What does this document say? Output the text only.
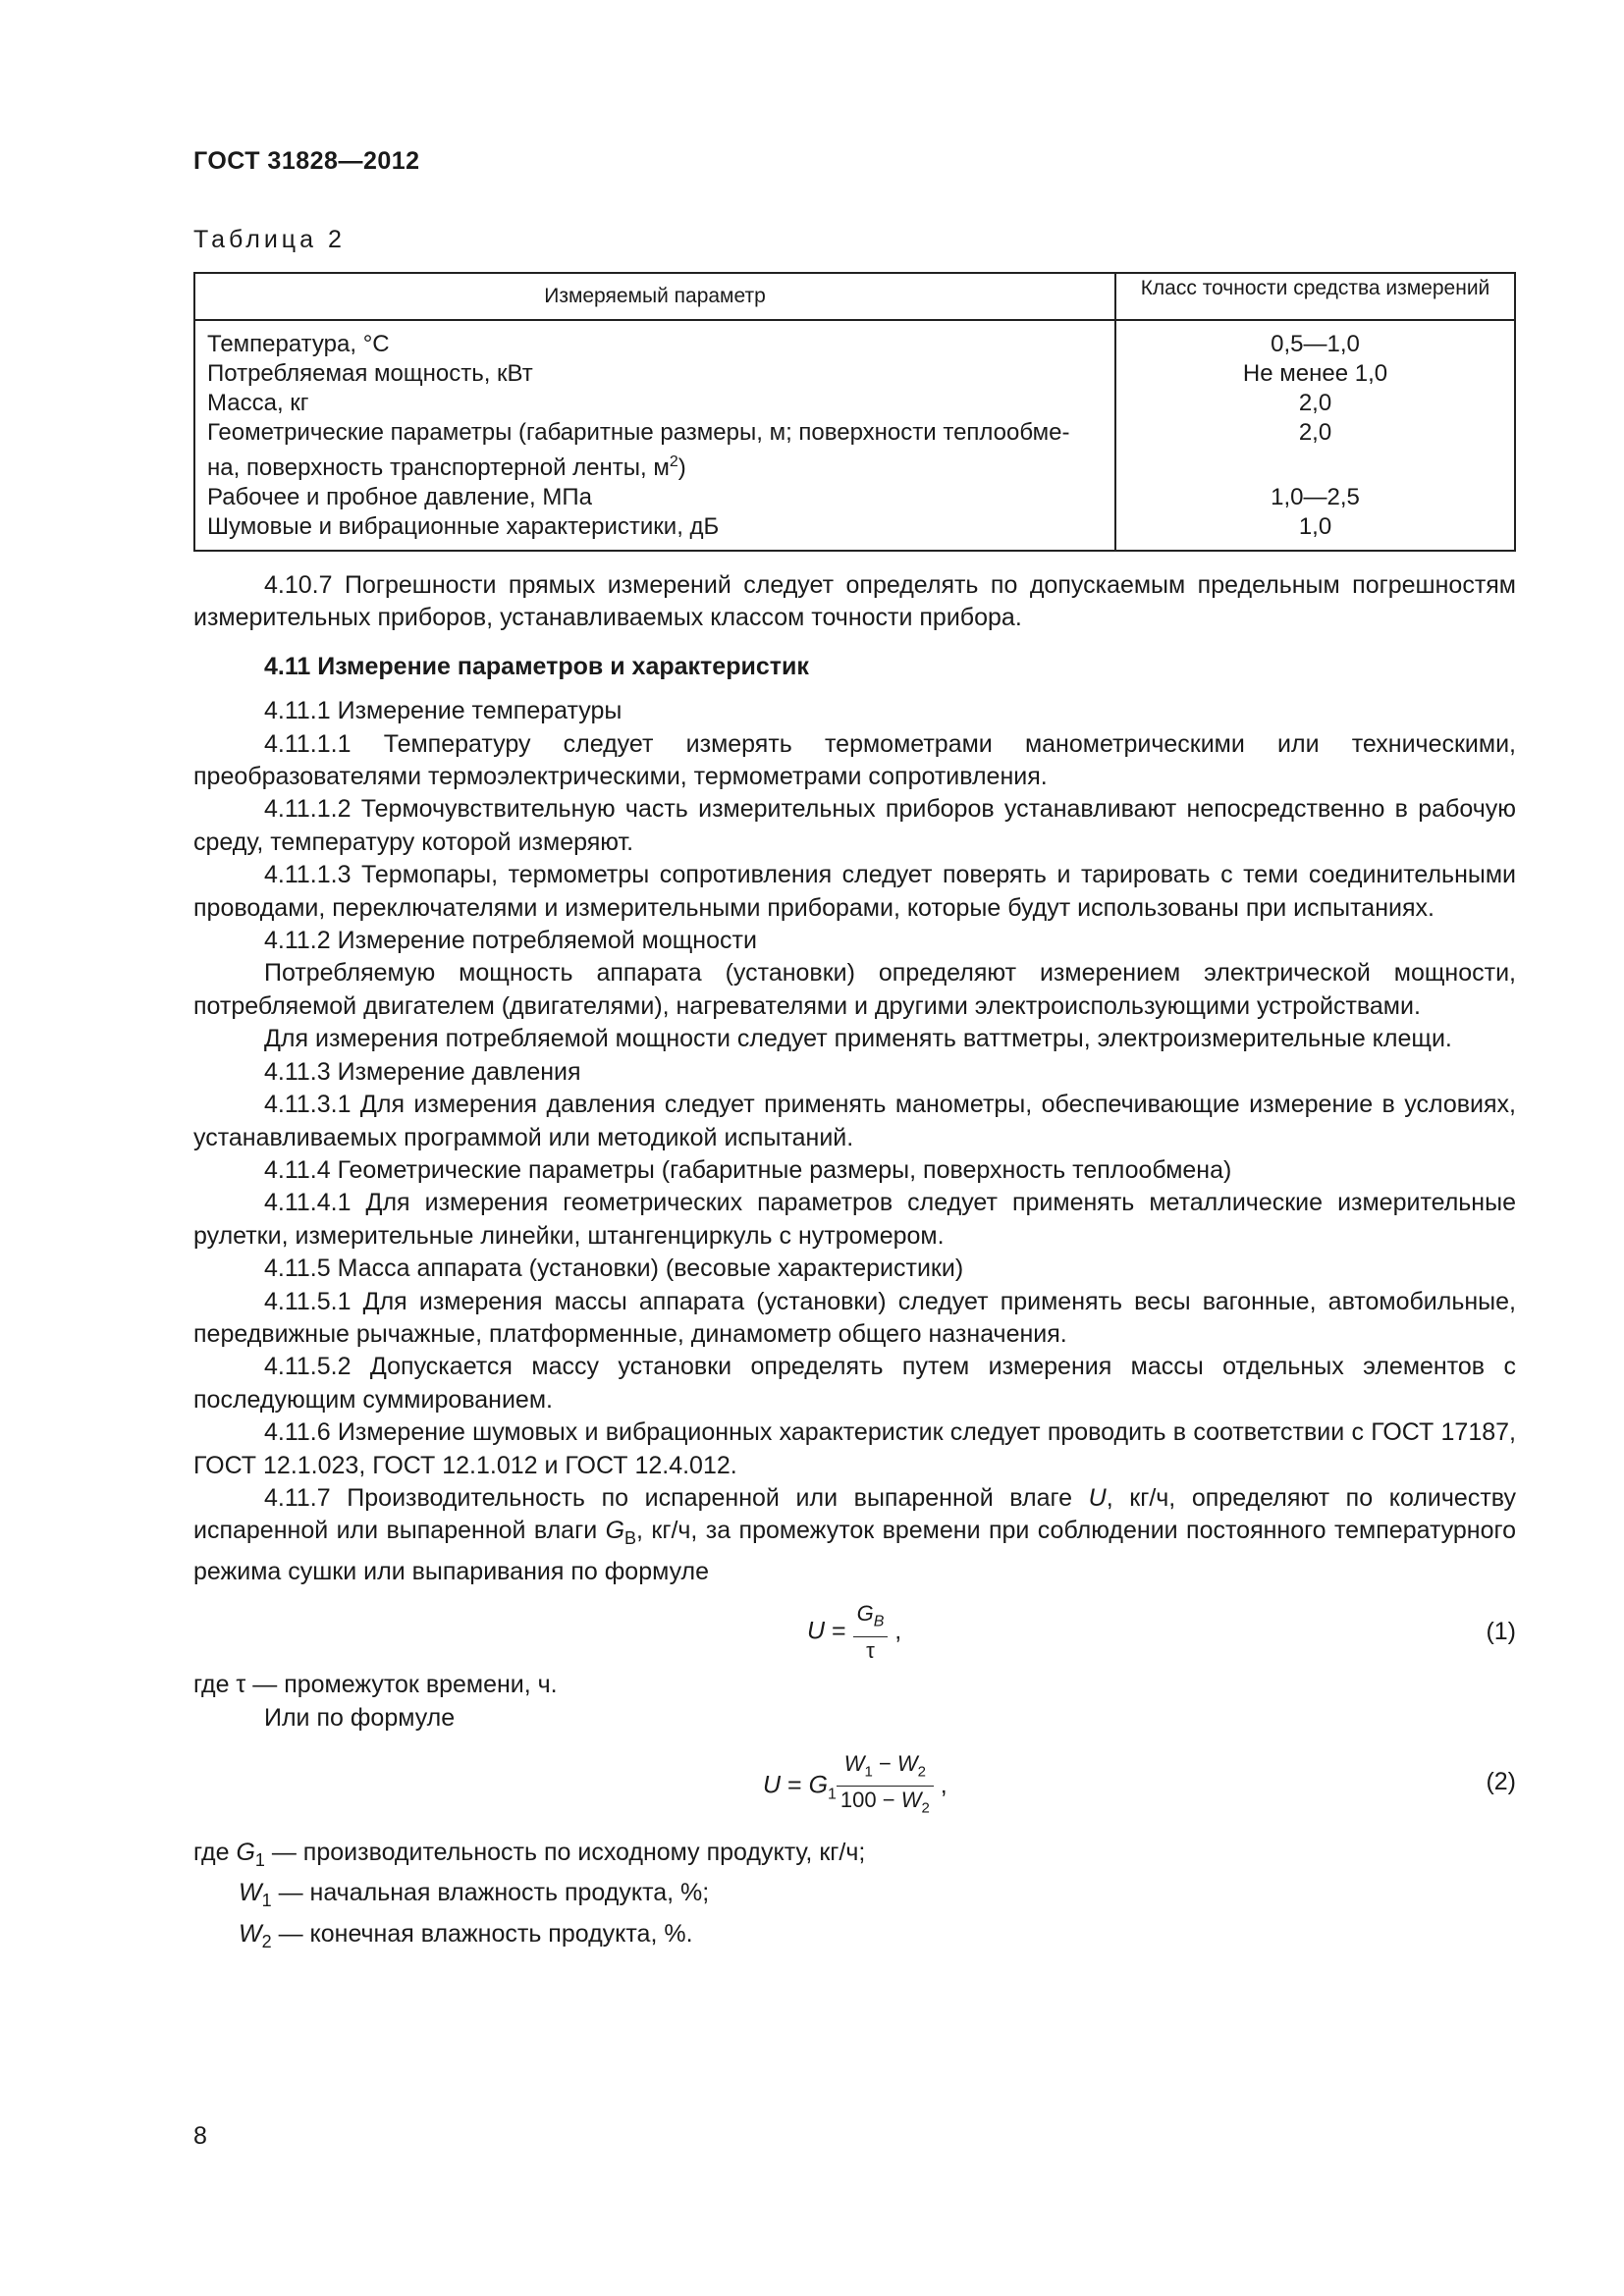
ГОСТ 31828—2012
Таблица 2
Измеряемый параметр	Класс точности средства измерений
Температура, °С	0,5—1,0
Потребляемая мощность, кВт	Не менее 1,0
Масса, кг	2,0
Геометрические параметры (габаритные размеры, м; поверхности теплообме-
на, поверхность транспортерной ленты, $м^2$)	2,0
Рабочее и пробное давление, МПа	1,0—2,5
Шумовые и вибрационные характеристики, дБ	1,0

4.10.7 Погрешности прямых измерений следует определять по допускаемым предельным погрешностям измерительных приборов, устанавливаемых классом точности прибора.

4.11 Измерение параметров и характеристик

4.11.1 Измерение температуры

4.11.1.1 Температуру следует измерять термометрами манометрическими или техническими, преобразователями термоэлектрическими, термометрами сопротивления.

4.11.1.2 Термочувствительную часть измерительных приборов устанавливают непосредственно в рабочую среду, температуру которой измеряют.

4.11.1.3 Термопары, термометры сопротивления следует поверять и тарировать с теми соединительными проводами, переключателями и измерительными приборами, которые будут использованы при испытаниях.

4.11.2 Измерение потребляемой мощности

Потребляемую мощность аппарата (установки) определяют измерением электрической мощности, потребляемой двигателем (двигателями), нагревателями и другими электроиспользующими устройствами.

Для измерения потребляемой мощности следует применять ваттметры, электроизмерительные клещи.

4.11.3 Измерение давления

4.11.3.1 Для измерения давления следует применять манометры, обеспечивающие измерение в условиях, устанавливаемых программой или методикой испытаний.

4.11.4 Геометрические параметры (габаритные размеры, поверхность теплообмена)

4.11.4.1 Для измерения геометрических параметров следует применять металлические измерительные рулетки, измерительные линейки, штангенциркуль с нутромером.

4.11.5 Масса аппарата (установки) (весовые характеристики)

4.11.5.1 Для измерения массы аппарата (установки) следует применять весы вагонные, автомобильные, передвижные рычажные, платформенные, динамометр общего назначения.

4.11.5.2 Допускается массу установки определять путем измерения массы отдельных элементов с последующим суммированием.

4.11.6 Измерение шумовых и вибрационных характеристик следует проводить в соответствии с ГОСТ 17187, ГОСТ 12.1.023, ГОСТ 12.1.012 и ГОСТ 12.4.012.

4.11.7 Производительность по испаренной или выпаренной влаге U, кг/ч, определяют по количеству испаренной или выпаренной влаги $G_В$, кг/ч, за промежуток времени при соблюдении постоянного температурного режима сушки или выпаривания по формуле

$U = \frac{G_B}{\tau}$ ,	(1)

где τ — промежуток времени, ч.

Или по формуле

$U = G_1 \frac{W_1 - W_2}{100 - W_2}$ ,	(2)

где $G_1$ — производительность по исходному продукту, кг/ч;

$W_1$ — начальная влажность продукта, %;

$W_2$ — конечная влажность продукта, %.

8
